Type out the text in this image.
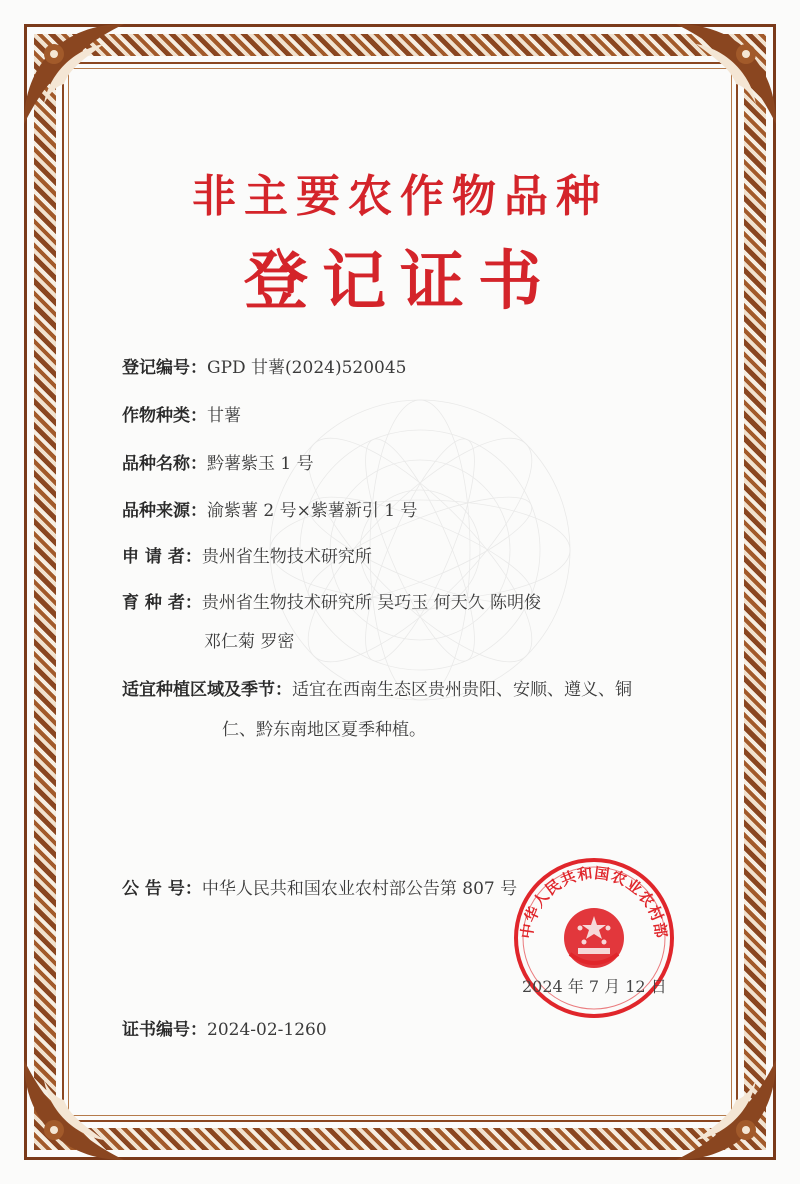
非主要农作物品种
登记证书
登记编号：GPD 甘薯(2024)520045
作物种类：甘薯
品种名称：黔薯紫玉 1 号
品种来源：渝紫薯 2 号×紫薯新引 1 号
申 请 者：贵州省生物技术研究所
育 种 者：贵州省生物技术研究所 吴巧玉 何天久 陈明俊
邓仁菊 罗密
适宜种植区域及季节：适宜在西南生态区贵州贵阳、安顺、遵义、铜
仁、黔东南地区夏季种植。
公 告 号：中华人民共和国农业农村部公告第 807 号
证书编号：2024-02-1260
中华人民共和国农业农村部
2024 年 7 月 12 日
